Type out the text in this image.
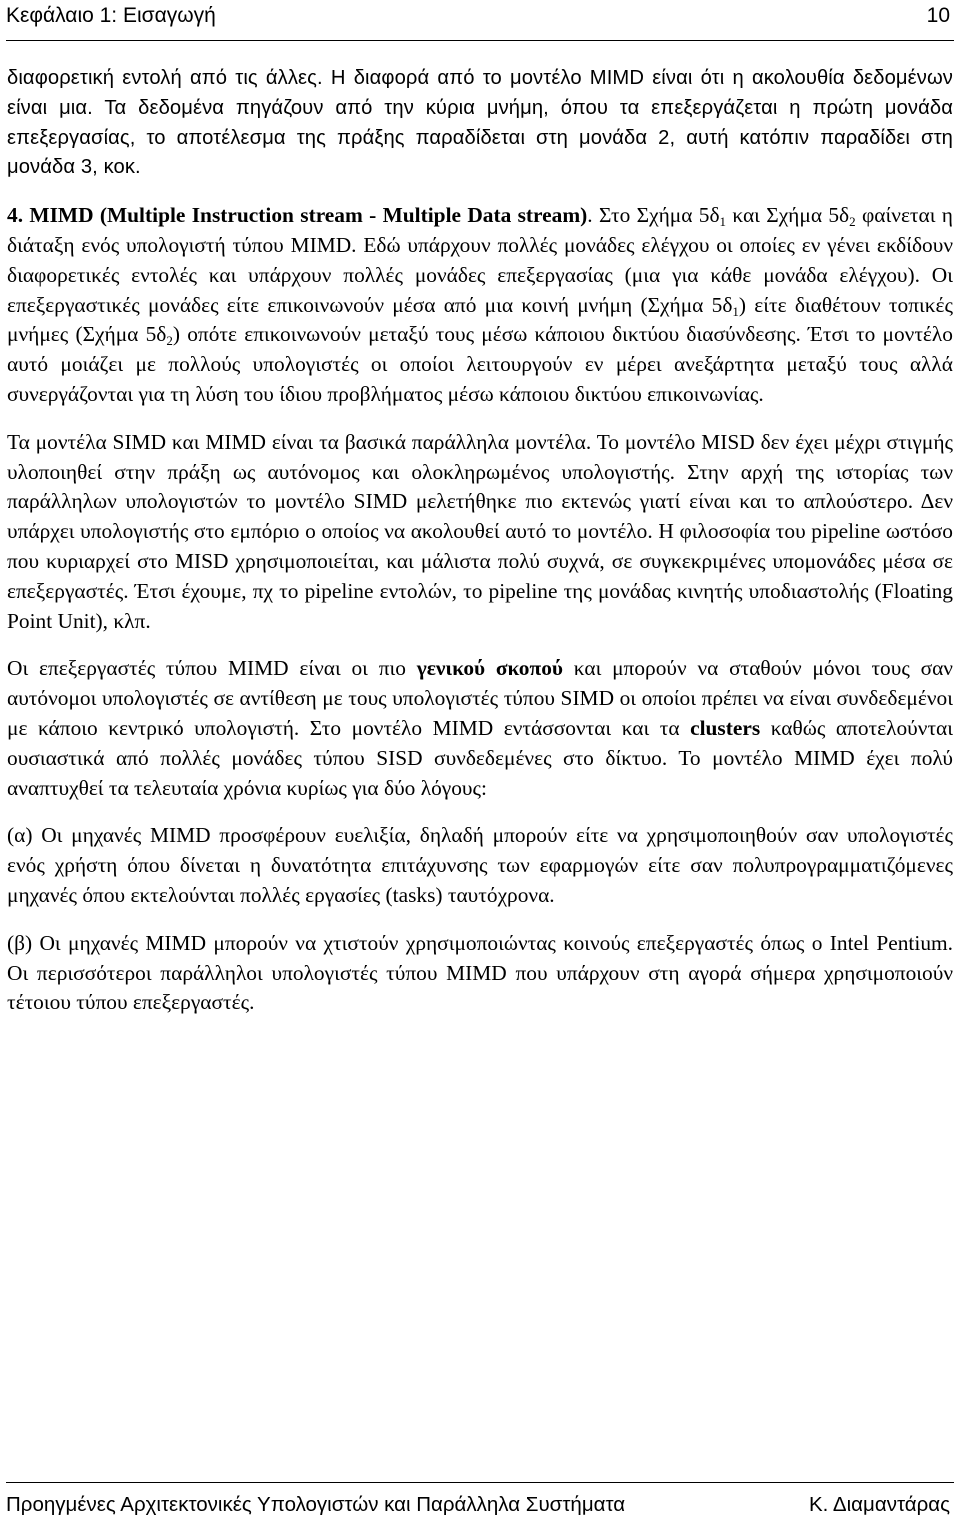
Κεφάλαιο 1: Εισαγωγή	10

διαφορετική εντολή από τις άλλες. Η διαφορά από το μοντέλο MIMD είναι ότι η ακολουθία δεδομένων είναι μια. Τα δεδομένα πηγάζουν από την κύρια μνήμη, όπου τα επεξεργάζεται η πρώτη μονάδα επεξεργασίας, το αποτέλεσμα της πράξης παραδίδεται στη μονάδα 2, αυτή κατόπιν παραδίδει στη μονάδα 3, κοκ.

4. MIMD (Multiple Instruction stream - Multiple Data stream). Στο Σχήμα $5\delta_1$ και Σχήμα $5\delta_2$ φαίνεται η διάταξη ενός υπολογιστή τύπου MIMD. Εδώ υπάρχουν πολλές μονάδες ελέγχου οι οποίες εν γένει εκδίδουν διαφορετικές εντολές και υπάρχουν πολλές μονάδες επεξεργασίας (μια για κάθε μονάδα ελέγχου). Οι επεξεργαστικές μονάδες είτε επικοινωνούν μέσα από μια κοινή μνήμη (Σχήμα $5\delta_1$) είτε διαθέτουν τοπικές μνήμες (Σχήμα $5\delta_2$) οπότε επικοινωνούν μεταξύ τους μέσω κάποιου δικτύου διασύνδεσης. Έτσι το μοντέλο αυτό μοιάζει με πολλούς υπολογιστές οι οποίοι λειτουργούν εν μέρει ανεξάρτητα μεταξύ τους αλλά συνεργάζονται για τη λύση του ίδιου προβλήματος μέσω κάποιου δικτύου επικοινωνίας.

Τα μοντέλα SIMD και MIMD είναι τα βασικά παράλληλα μοντέλα. Το μοντέλο MISD δεν έχει μέχρι στιγμής υλοποιηθεί στην πράξη ως αυτόνομος και ολοκληρωμένος υπολογιστής. Στην αρχή της ιστορίας των παράλληλων υπολογιστών το μοντέλο SIMD μελετήθηκε πιο εκτενώς γιατί είναι και το απλούστερο. Δεν υπάρχει υπολογιστής στο εμπόριο ο οποίος να ακολουθεί αυτό το μοντέλο. Η φιλοσοφία του pipeline ωστόσο που κυριαρχεί στο MISD χρησιμοποιείται, και μάλιστα πολύ συχνά, σε συγκεκριμένες υπομονάδες μέσα σε επεξεργαστές. Έτσι έχουμε, πχ το pipeline εντολών, το pipeline της μονάδας κινητής υποδιαστολής (Floating Point Unit), κλπ.

Οι επεξεργαστές τύπου MIMD είναι οι πιο γενικού σκοπού και μπορούν να σταθούν μόνοι τους σαν αυτόνομοι υπολογιστές σε αντίθεση με τους υπολογιστές τύπου SIMD οι οποίοι πρέπει να είναι συνδεδεμένοι με κάποιο κεντρικό υπολογιστή. Στο μοντέλο MIMD εντάσσονται και τα clusters καθώς αποτελούνται ουσιαστικά από πολλές μονάδες τύπου SISD συνδεδεμένες στο δίκτυο. Το μοντέλο MIMD έχει πολύ αναπτυχθεί τα τελευταία χρόνια κυρίως για δύο λόγους:

(α) Οι μηχανές MIMD προσφέρουν ευελιξία, δηλαδή μπορούν είτε να χρησιμοποιηθούν σαν υπολογιστές ενός χρήστη όπου δίνεται η δυνατότητα επιτάχυνσης των εφαρμογών είτε σαν πολυπρογραμματιζόμενες μηχανές όπου εκτελούνται πολλές εργασίες (tasks) ταυτόχρονα.

(β) Οι μηχανές MIMD μπορούν να χτιστούν χρησιμοποιώντας κοινούς επεξεργαστές όπως ο Intel Pentium. Οι περισσότεροι παράλληλοι υπολογιστές τύπου MIMD που υπάρχουν στη αγορά σήμερα χρησιμοποιούν τέτοιου τύπου επεξεργαστές.

Προηγμένες Αρχιτεκτονικές Υπολογιστών και Παράλληλα Συστήματα	Κ. Διαμαντάρας
